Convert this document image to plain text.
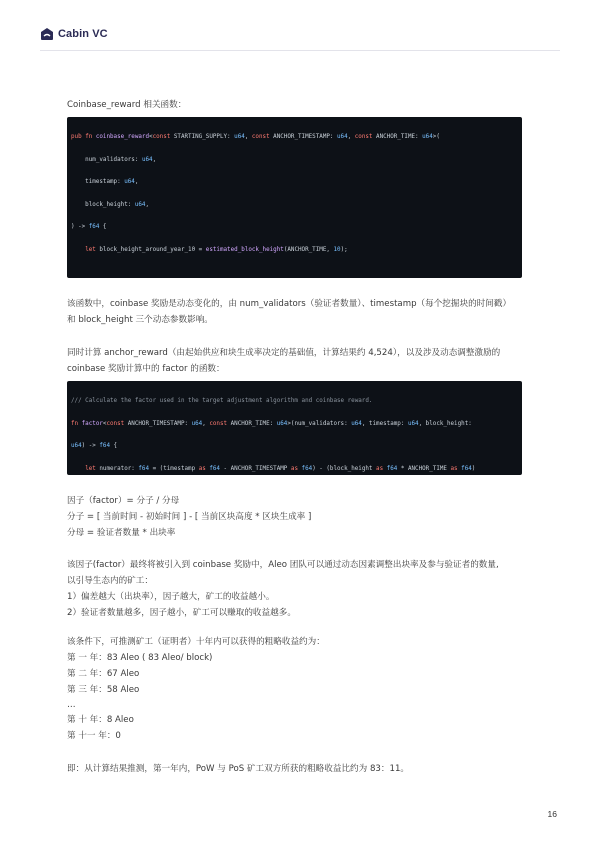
Cabin VC

Coinbase_reward 相关函数：

pub fn coinbase_reward<const STARTING_SUPPLY: u64, const ANCHOR_TIMESTAMP: u64, const ANCHOR_TIME: u64>(

num_validators: u64,

timestamp: u64,

block_height: u64,

) -> f64 {

let block_height_around_year_10 = estimated_block_height(ANCHOR_TIME, 10);

该函数中，coinbase 奖励是动态变化的，由 num_validators（验证者数量）、timestamp（每个挖掘块的时间戳）

和 block_height 三个动态参数影响。

同时计算 anchor_reward（由起始供应和块生成率决定的基础值，计算结果约 4,524），以及涉及动态调整激励的

coinbase 奖励计算中的 factor 的函数：

/// Calculate the factor used in the target adjustment algorithm and coinbase reward.

fn factor<const ANCHOR_TIMESTAMP: u64, const ANCHOR_TIME: u64>(num_validators: u64, timestamp: u64, block_height:

u64) -> f64 {

let numerator: f64 = (timestamp as f64 - ANCHOR_TIMESTAMP as f64) - (block_height as f64 * ANCHOR_TIME as f64)

因子（factor）= 分子 / 分母

分子 = [ 当前时间 - 初始时间 ] - [ 当前区块高度 * 区块生成率 ]

分母 = 验证者数量 * 出块率

该因子(factor）最终将被引入到 coinbase 奖励中，Aleo 团队可以通过动态因素调整出块率及参与验证者的数量,

以引导生态内的矿工：

1）偏差越大（出块率），因子越大，矿工的收益越小。

2）验证者数量越多，因子越小，矿工可以赚取的收益越多。

该条件下，可推测矿工（证明者）十年内可以获得的粗略收益约为：

第 一 年：83 Aleo ( 83 Aleo/ block)

第 二 年：67 Aleo

第 三 年：58 Aleo

…

第 十 年：8 Aleo

第 十一 年：0

即：从计算结果推测，第一年内，PoW 与 PoS 矿工双方所获的粗略收益比约为 83：11。

16
